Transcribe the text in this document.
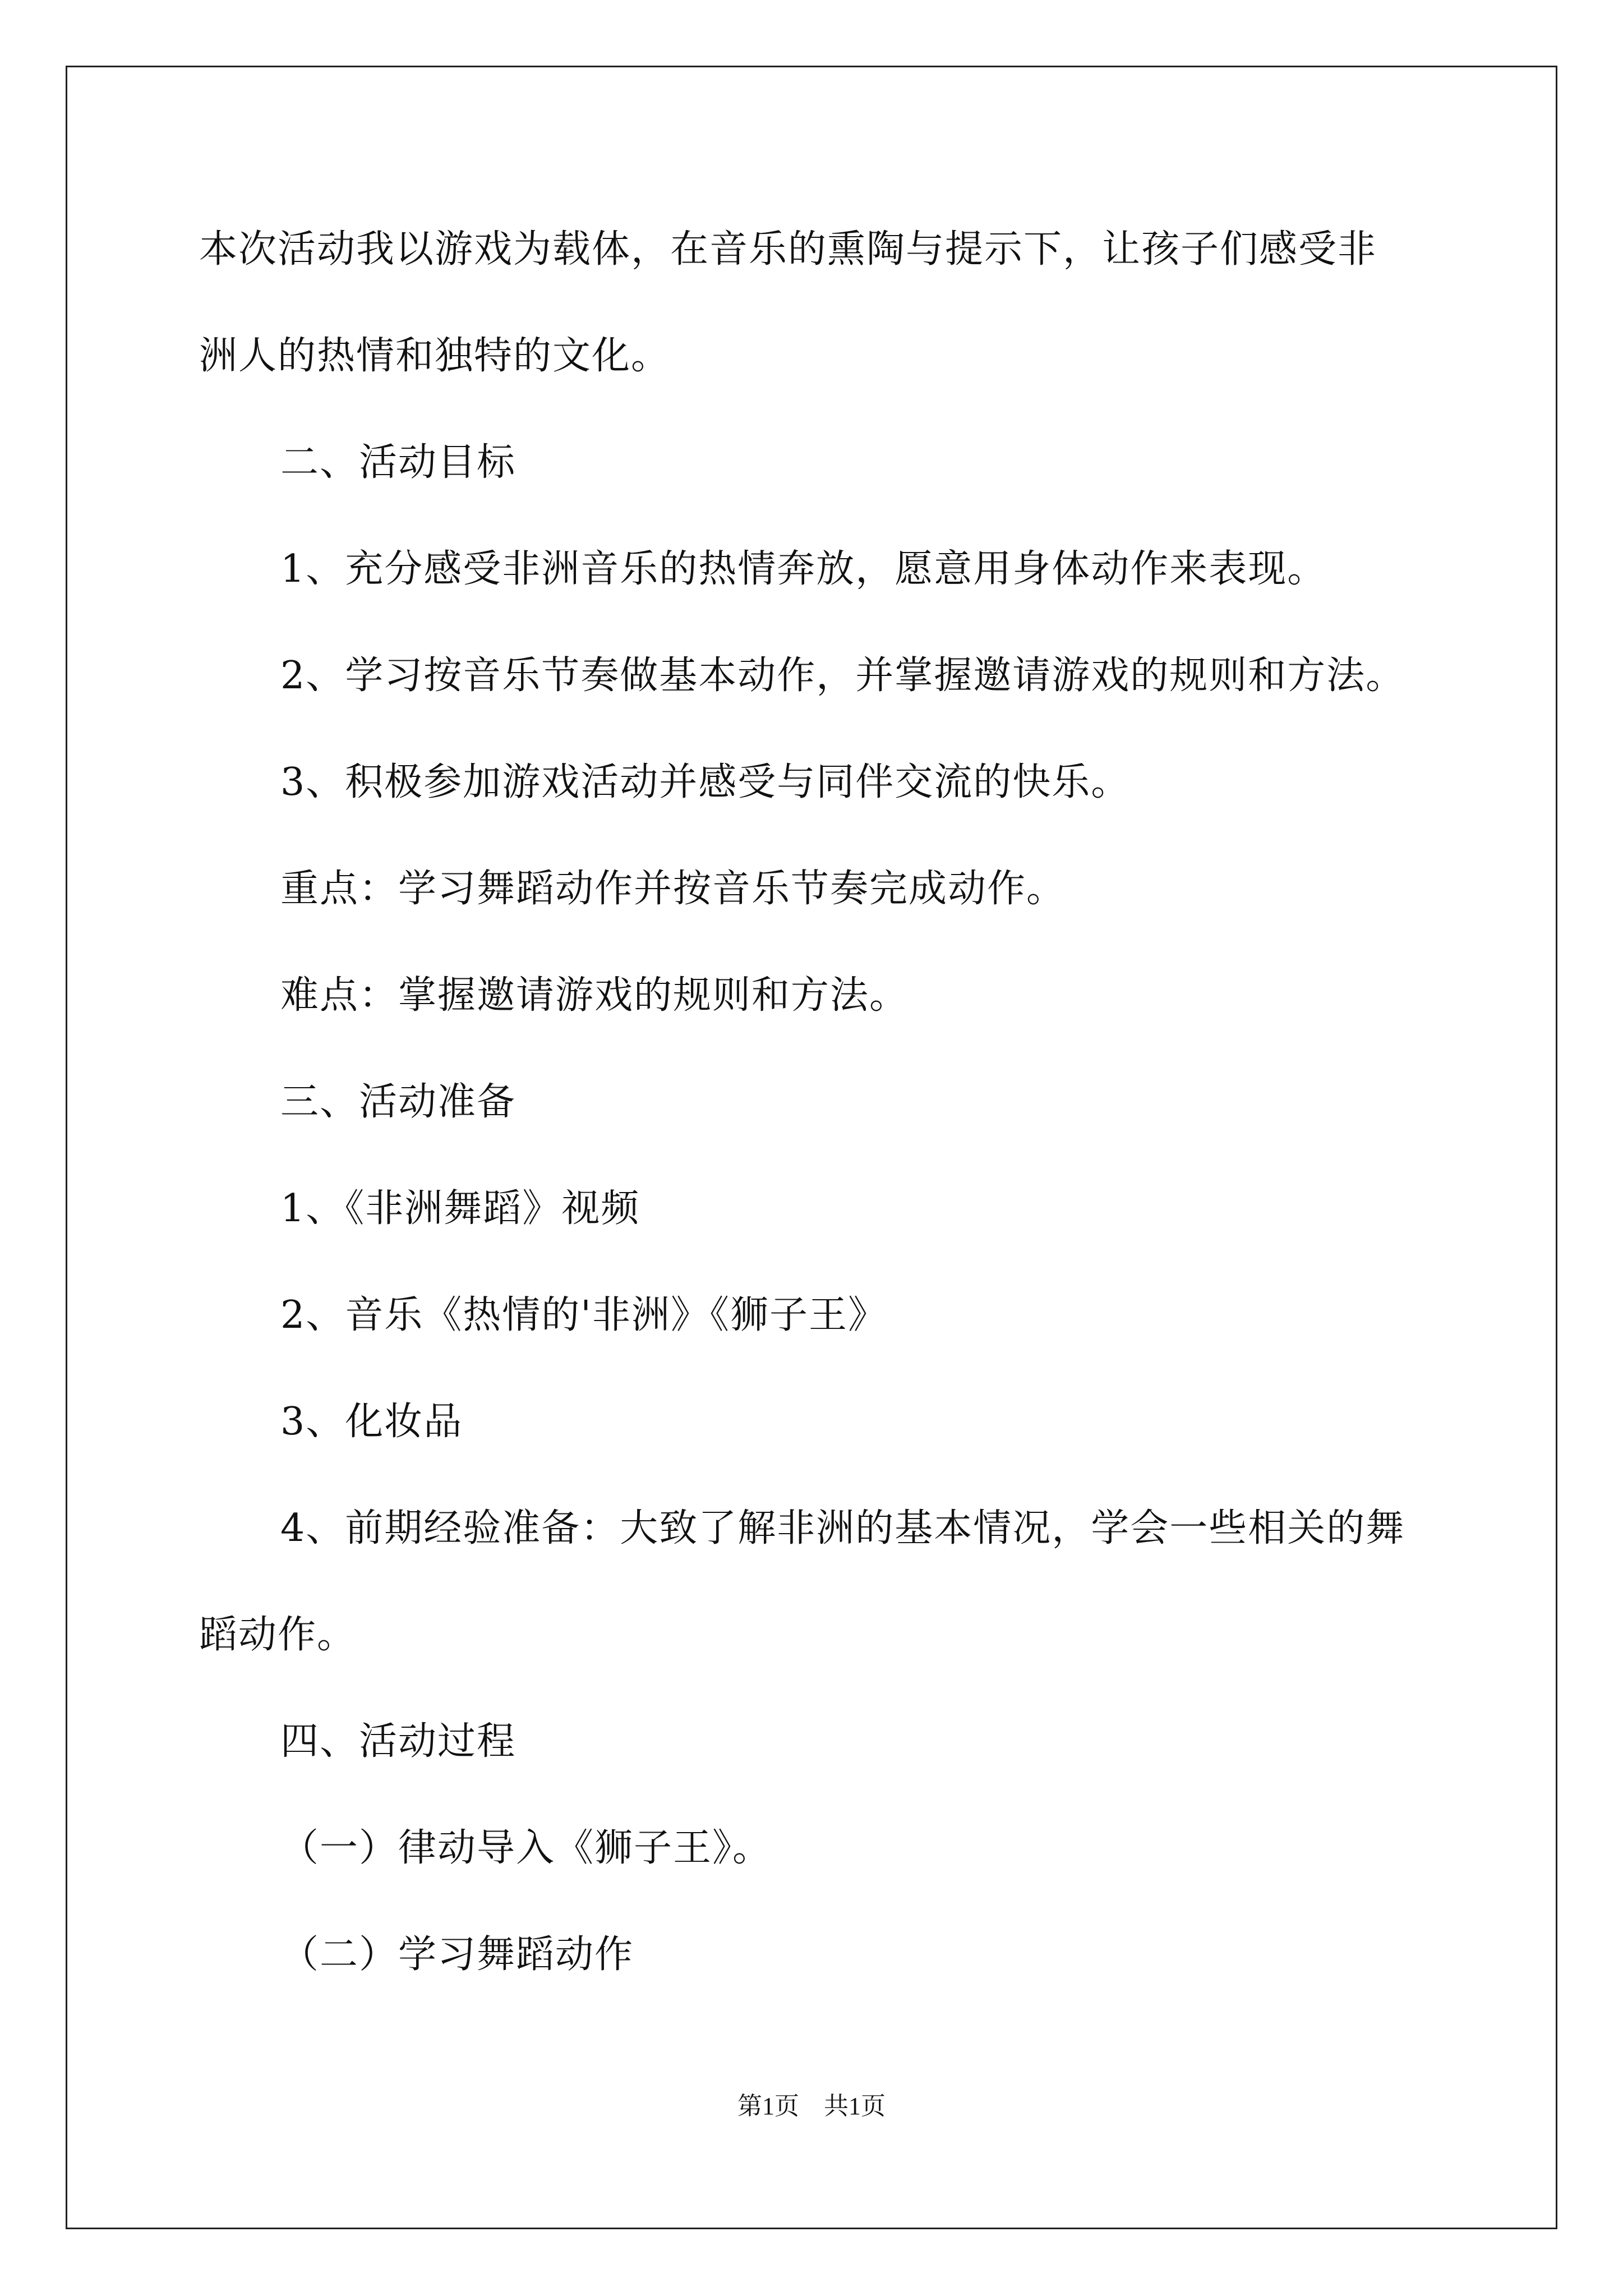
本次活动我以游戏为载体，在音乐的熏陶与提示下，让孩子们感受非
洲人的热情和独特的文化。
二、活动目标
1、充分感受非洲音乐的热情奔放，愿意用身体动作来表现。
2、学习按音乐节奏做基本动作，并掌握邀请游戏的规则和方法。
3、积极参加游戏活动并感受与同伴交流的快乐。
重点：学习舞蹈动作并按音乐节奏完成动作。
难点：掌握邀请游戏的规则和方法。
三、活动准备
1、《非洲舞蹈》视频
2、音乐《热情的'非洲》《狮子王》
3、化妆品
4、前期经验准备：大致了解非洲的基本情况，学会一些相关的舞
蹈动作。
四、活动过程
（一）律动导入《狮子王》。
（二）学习舞蹈动作
第1页　共1页
